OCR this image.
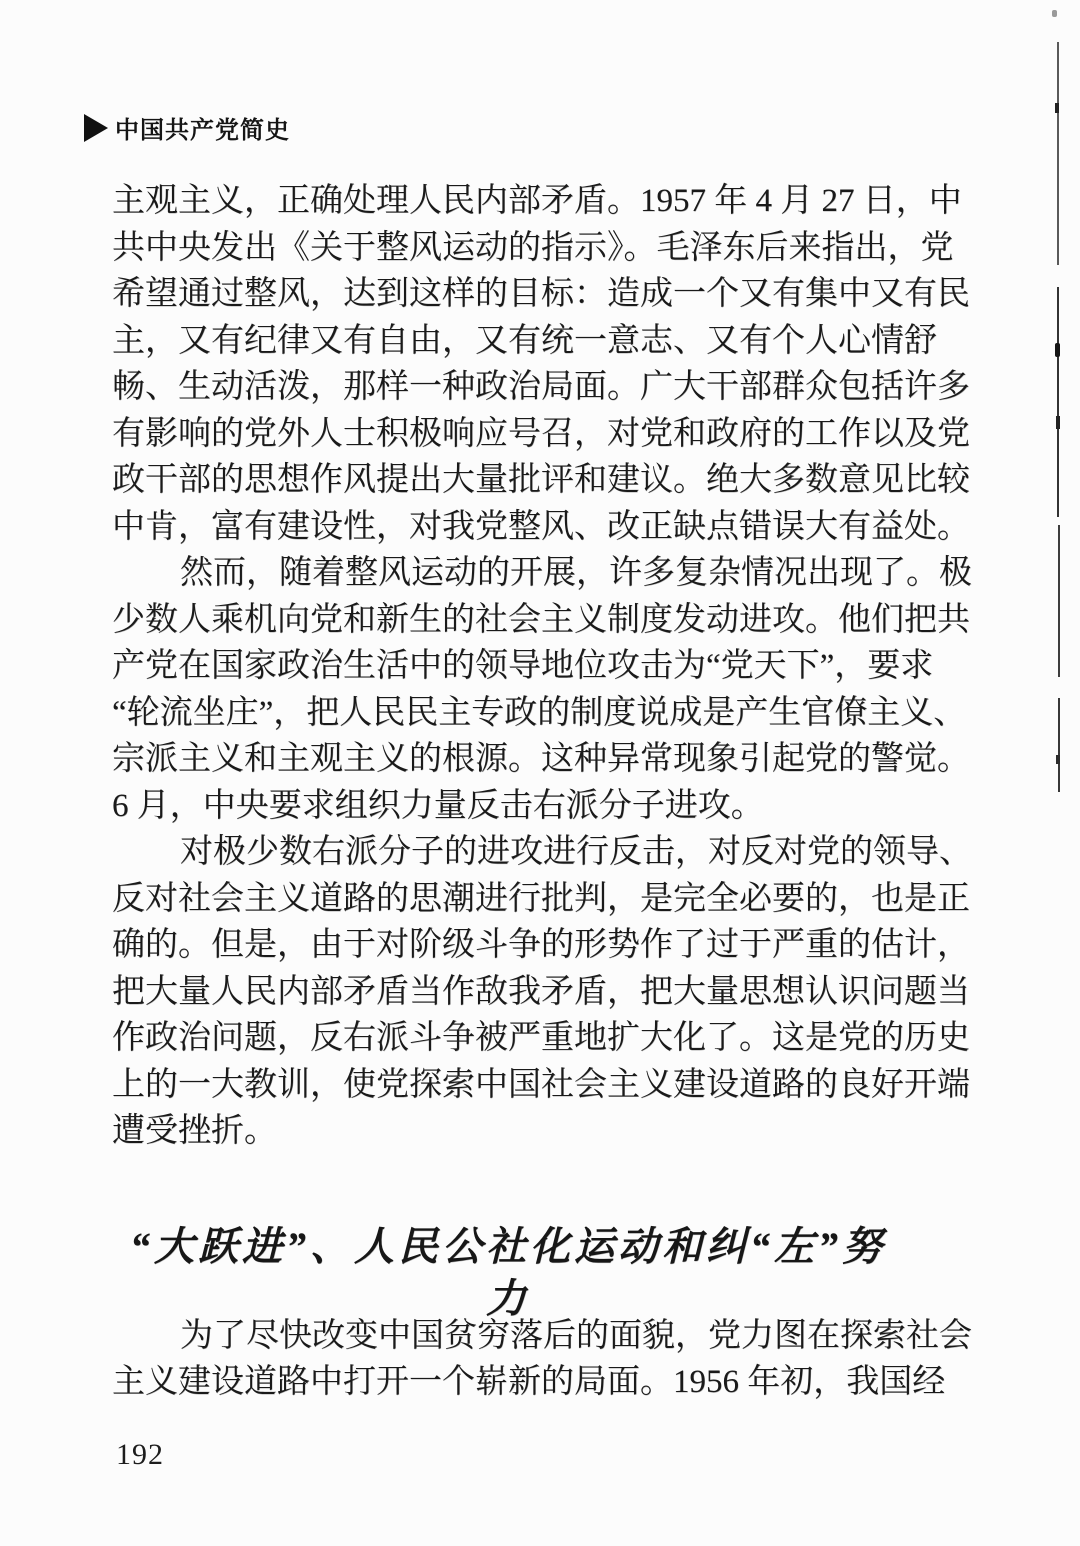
中国共产党简史
主观主义，正确处理人民内部矛盾。1957 年 4 月 27 日，中
共中央发出《关于整风运动的指示》。毛泽东后来指出，党
希望通过整风，达到这样的目标：造成一个又有集中又有民
主，又有纪律又有自由，又有统一意志、又有个人心情舒
畅、生动活泼，那样一种政治局面。广大干部群众包括许多
有影响的党外人士积极响应号召，对党和政府的工作以及党
政干部的思想作风提出大量批评和建议。绝大多数意见比较
中肯，富有建设性，对我党整风、改正缺点错误大有益处。
然而，随着整风运动的开展，许多复杂情况出现了。极
少数人乘机向党和新生的社会主义制度发动进攻。他们把共
产党在国家政治生活中的领导地位攻击为“党天下”，要求
“轮流坐庄”，把人民民主专政的制度说成是产生官僚主义、
宗派主义和主观主义的根源。这种异常现象引起党的警觉。
6 月，中央要求组织力量反击右派分子进攻。
对极少数右派分子的进攻进行反击，对反对党的领导、
反对社会主义道路的思潮进行批判，是完全必要的，也是正
确的。但是，由于对阶级斗争的形势作了过于严重的估计，
把大量人民内部矛盾当作敌我矛盾，把大量思想认识问题当
作政治问题，反右派斗争被严重地扩大化了。这是党的历史
上的一大教训，使党探索中国社会主义建设道路的良好开端
遭受挫折。
“大跃进”、人民公社化运动和纠“左”努力
为了尽快改变中国贫穷落后的面貌，党力图在探索社会
主义建设道路中打开一个崭新的局面。1956 年初，我国经
192
